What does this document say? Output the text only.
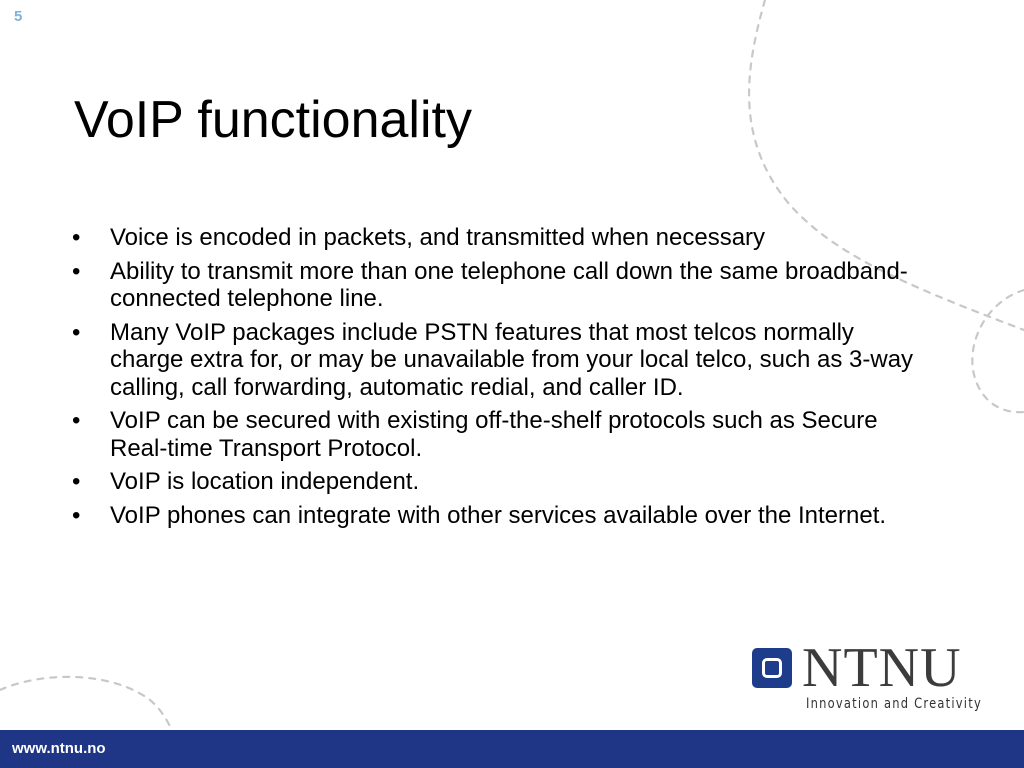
5
VoIP functionality
• Voice is encoded in packets, and transmitted when necessary
• Ability to transmit more than one telephone call down the same broadband-connected telephone line.
• Many VoIP packages include PSTN features that most telcos normally charge extra for, or may be unavailable from your local telco, such as 3-way calling, call forwarding, automatic redial, and caller ID.
• VoIP can be secured with existing off-the-shelf protocols such as Secure Real-time Transport Protocol.
• VoIP is location independent.
• VoIP phones can integrate with other services available over the Internet.
NTNU
Innovation and Creativity
www.ntnu.no
